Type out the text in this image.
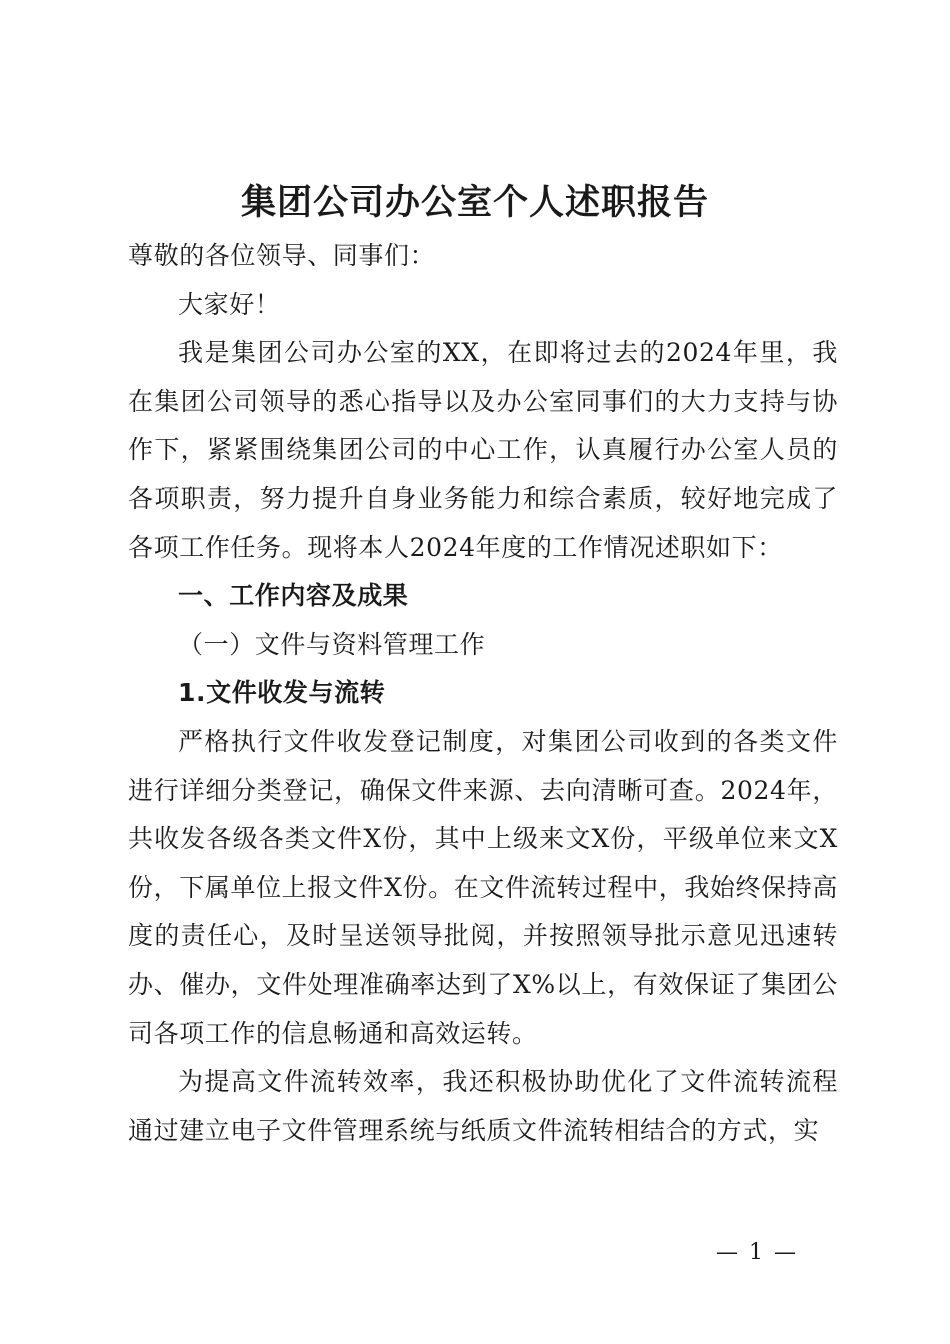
集团公司办公室个人述职报告

尊敬的各位领导、同事们：

大家好！

我是集团公司办公室的XX，在即将过去的2024年里，我在集团公司领导的悉心指导以及办公室同事们的大力支持与协作下，紧紧围绕集团公司的中心工作，认真履行办公室人员的各项职责，努力提升自身业务能力和综合素质，较好地完成了各项工作任务。现将本人2024年度的工作情况述职如下：

一、工作内容及成果

（一）文件与资料管理工作

1.文件收发与流转

严格执行文件收发登记制度，对集团公司收到的各类文件进行详细分类登记，确保文件来源、去向清晰可查。2024年，共收发各级各类文件X份，其中上级来文X份，平级单位来文X份，下属单位上报文件X份。在文件流转过程中，我始终保持高度的责任心，及时呈送领导批阅，并按照领导批示意见迅速转办、催办，文件处理准确率达到了X%以上，有效保证了集团公司各项工作的信息畅通和高效运转。

为提高文件流转效率，我还积极协助优化了文件流转流程通过建立电子文件管理系统与纸质文件流转相结合的方式，实

— 1 —
